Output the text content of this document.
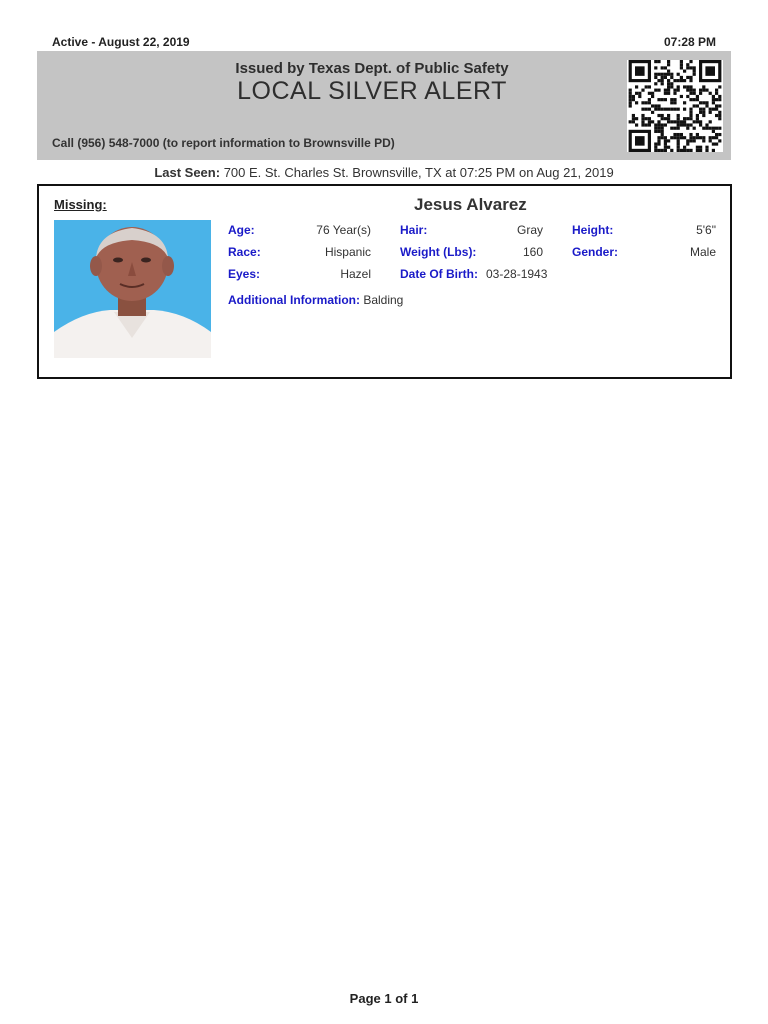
Active - August 22, 2019	07:28 PM
Issued by Texas Dept. of Public Safety
LOCAL SILVER ALERT
Call (956) 548-7000 (to report information to Brownsville PD)
Last Seen: 700 E. St. Charles St. Brownsville, TX at 07:25 PM on Aug 21, 2019
Missing:	Jesus Alvarez
Age:	76 Year(s) Hair:	Gray Height:	5'6"
Race:	Hispanic Weight (Lbs):	160 Gender:	Male
Eyes:	Hazel Date Of Birth: 03-28-1943
Additional Information: Balding
Page 1 of 1
